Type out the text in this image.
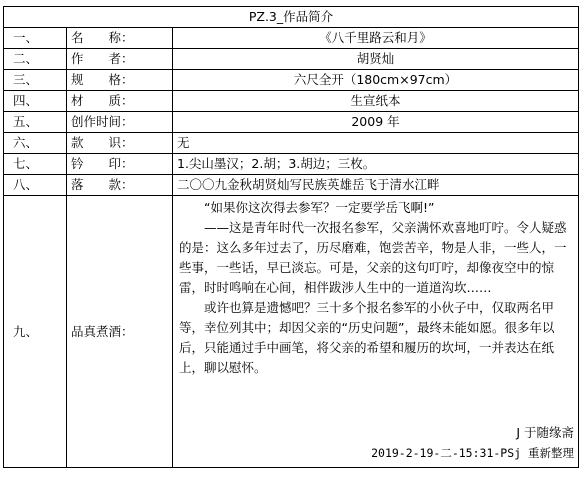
PZ.3_作品简介		
一、	名　　称：	《八千里路云和月》
二、	作　　者：	胡贤灿
三、	规　　格：	六尺全开（180cm×97cm）
四、	材　　质：	生宣纸本
五、	创作时间：	2009 年
六、	款　　识：	无
七、	钤　　印：	1.尖山墨汉；2.胡；3.胡边；三枚。
八、	落　　款：	二〇〇九金秋胡贤灿写民族英雄岳飞于清水江畔
九、	品真煮酒：	“如果你这次得去参军？一定要学岳飞啊!”

——这是青年时代一次报名参军，父亲满怀欢喜地叮咛。令人疑惑的是：这么多年过去了，历尽磨难，饱尝苦辛，物是人非，一些人，一些事，一些话，早已淡忘。可是，父亲的这句叮咛，却像夜空中的惊雷，时时鸣响在心间，相伴跋涉人生中的一道道沟坎……

或许也算是遗憾吧？三十多个报名参军的小伙子中，仅取两名甲等，幸位列其中；却因父亲的“历史问题”，最终未能如愿。很多年以后，只能通过手中画笔，将父亲的希望和履历的坎坷，一并表达在纸上，聊以慰怀。

J 于随缘斋
2019-2-19-二-15:31-PSj 重新整理
